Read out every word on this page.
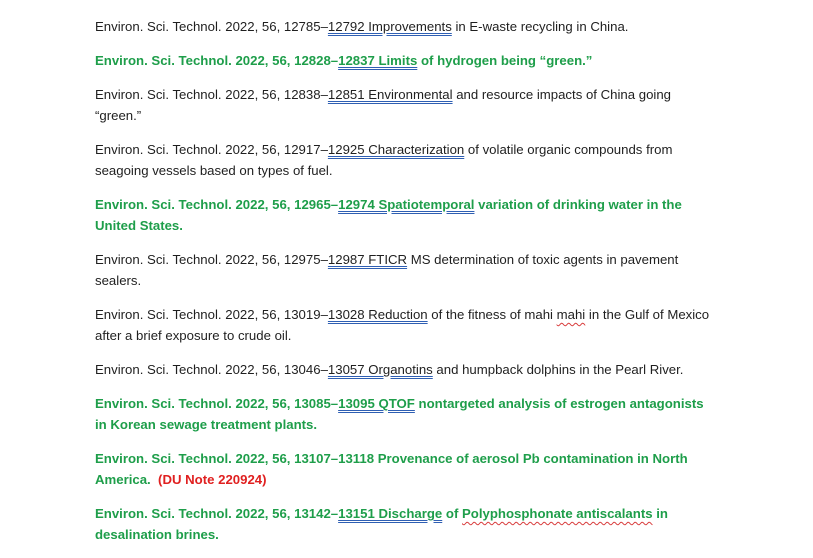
Environ. Sci. Technol. 2022, 56, 12785–12792 Improvements in E-waste recycling in China.

Environ. Sci. Technol. 2022, 56, 12828–12837 Limits of hydrogen being “green.”

Environ. Sci. Technol. 2022, 56, 12838–12851 Environmental and resource impacts of China going “green.”

Environ. Sci. Technol. 2022, 56, 12917–12925 Characterization of volatile organic compounds from seagoing vessels based on types of fuel.

Environ. Sci. Technol. 2022, 56, 12965–12974 Spatiotemporal variation of drinking water in the United States.

Environ. Sci. Technol. 2022, 56, 12975–12987 FTICR MS determination of toxic agents in pavement sealers.

Environ. Sci. Technol. 2022, 56, 13019–13028 Reduction of the fitness of mahi mahi in the Gulf of Mexico after a brief exposure to crude oil.

Environ. Sci. Technol. 2022, 56, 13046–13057 Organotins and humpback dolphins in the Pearl River.

Environ. Sci. Technol. 2022, 56, 13085–13095 QTOF nontargeted analysis of estrogen antagonists in Korean sewage treatment plants.

Environ. Sci. Technol. 2022, 56, 13107–13118 Provenance of aerosol Pb contamination in North America. (DU Note 220924)

Environ. Sci. Technol. 2022, 56, 13142–13151 Discharge of Polyphosphonate antiscalants in desalination brines.
